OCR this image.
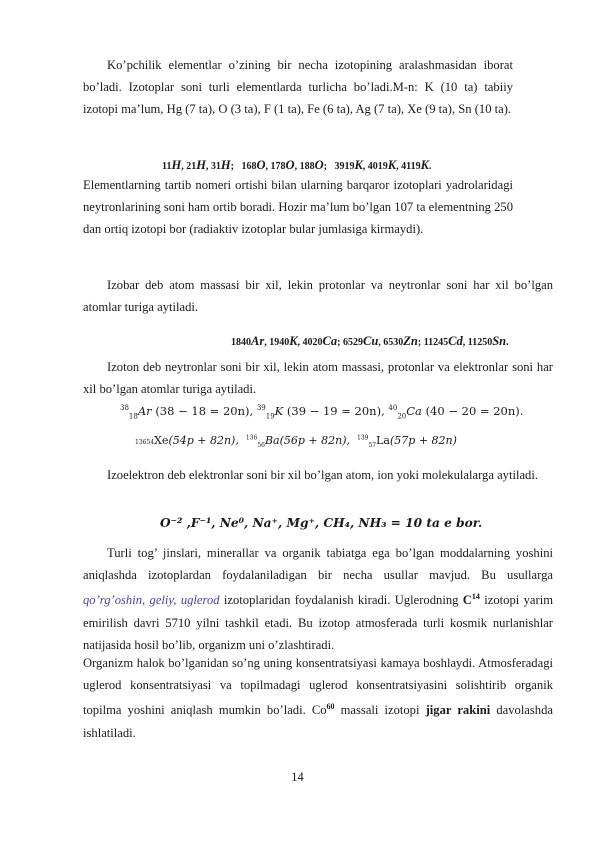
Ko’pchilik elementlar o’zining bir necha izotopining aralashmasidan iborat bo’ladi. Izotoplar soni turli elementlarda turlicha bo’ladi.M-n: K (10 ta) tabiiy izotopi ma’lum, Hg (7 ta), O (3 ta), F (1 ta), Fe (6 ta), Ag (7 ta), Xe (9 ta), Sn (10 ta).

11H, 21H, 31H;   168O, 178O, 188O;   3919K, 4019K, 4119K.

Elementlarning tartib nomeri ortishi bilan ularning barqaror izotoplari yadrolaridagi neytronlarining soni ham ortib boradi. Hozir ma’lum bo’lgan 107 ta elementning 250 dan ortiq izotopi bor (radiaktiv izotoplar bular jumlasiga kirmaydi).

Izobar deb atom massasi bir xil, lekin protonlar va neytronlar soni har xil bo’lgan atomlar turiga aytiladi.

1840Ar, 1940K, 4020Ca; 6529Cu, 6530Zn; 11245Cd, 11250Sn.

Izoton deb neytronlar soni bir xil, lekin atom massasi, protonlar va elektronlar soni har xil bo’lgan atomlar turiga aytiladi.

$^{38}_{18}$Ar (38 − 18 = 20n), $^{39}_{19}$K (39 − 19 = 20n), $^{40}_{20}$Ca (40 − 20 = 20n).
13654Xe(54p + 82n), $^{136}_{56}$Ba(56p + 82n), $^{139}_{57}$La(57p + 82n)

Izoelektron deb elektronlar soni bir xil bo’lgan atom, ion yoki molekulalarga aytiladi.

O⁻² ,F⁻¹, Ne⁰, Na⁺, Mg⁺, CH₄, NH₃ = 10 ta e bor.

Turli tog’ jinslari, minerallar va organik tabiatga ega bo’lgan moddalarning yoshini aniqlashda izotoplardan foydalaniladigan bir necha usullar mavjud. Bu usullarga qo’rg’oshin, geliy, uglerod izotoplaridan foydalanish kiradi. Uglerodning $C^{14}$ izotopi yarim emirilish davri 5710 yilni tashkil etadi. Bu izotop atmosferada turli kosmik nurlanishlar natijasida hosil bo’lib, organizm uni o’zlashtiradi.

Organizm halok bo’lganidan so’ng uning konsentratsiyasi kamaya boshlaydi. Atmosferadagi uglerod konsentratsiyasi va topilmadagi uglerod konsentratsiyasini solishtirib organik topilma yoshini aniqlash mumkin bo’ladi. Co$^{60}$ massali izotopi jigar rakini davolashda ishlatiladi.

14
